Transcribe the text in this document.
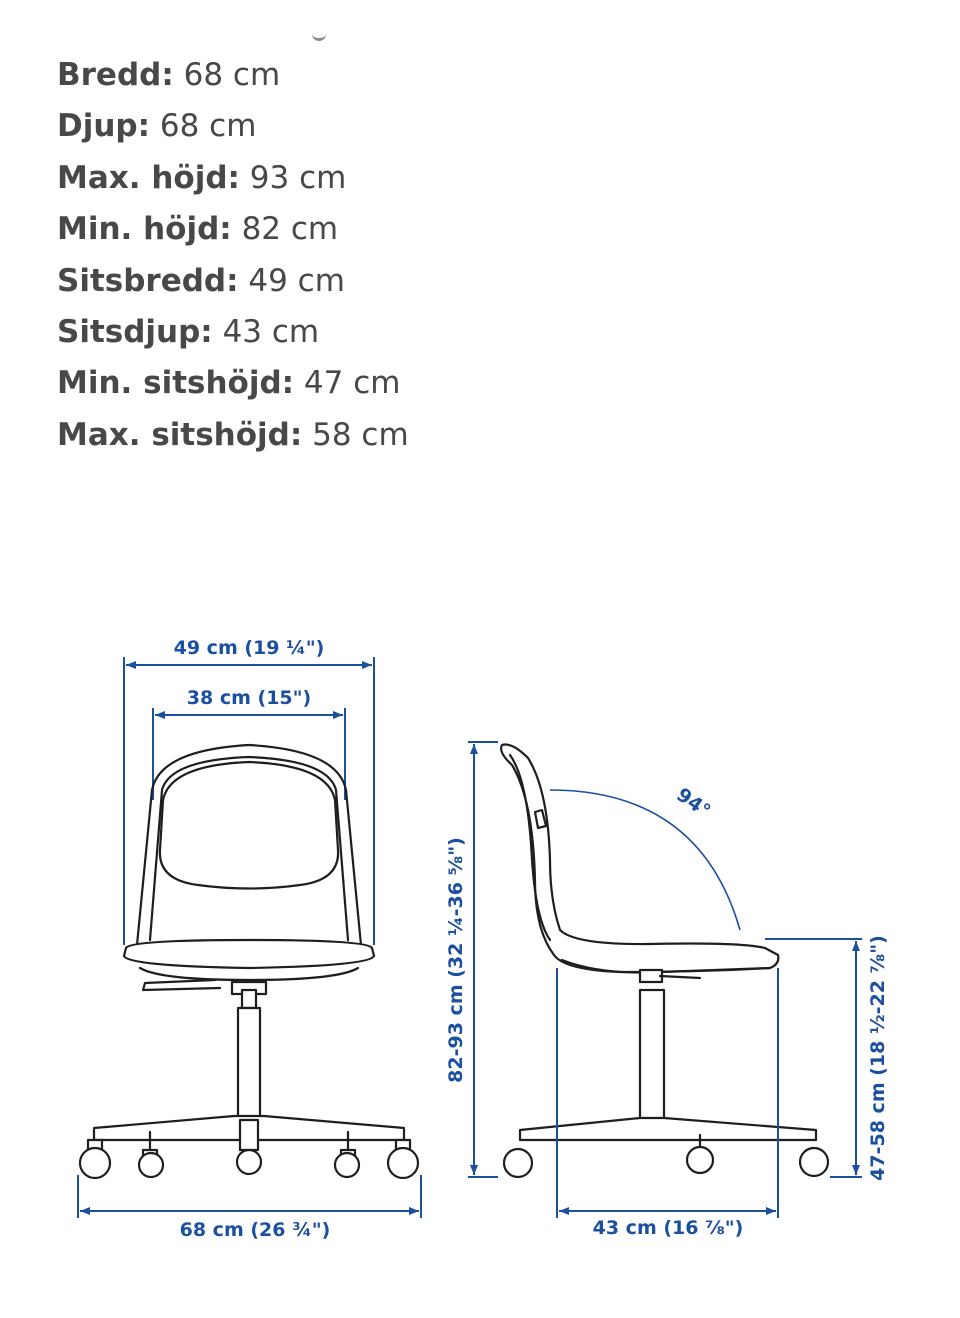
Bredd: 68 cm
Djup: 68 cm
Max. höjd: 93 cm
Min. höjd: 82 cm
Sitsbredd: 49 cm
Sitsdjup: 43 cm
Min. sitshöjd: 47 cm
Max. sitshöjd: 58 cm
49 cm (19 ¼")
38 cm (15")
68 cm (26 ¾")
82-93 cm (32 ¼-36 ⅝")
94°
47-58 cm (18 ½-22 ⅞")
43 cm (16 ⅞")
